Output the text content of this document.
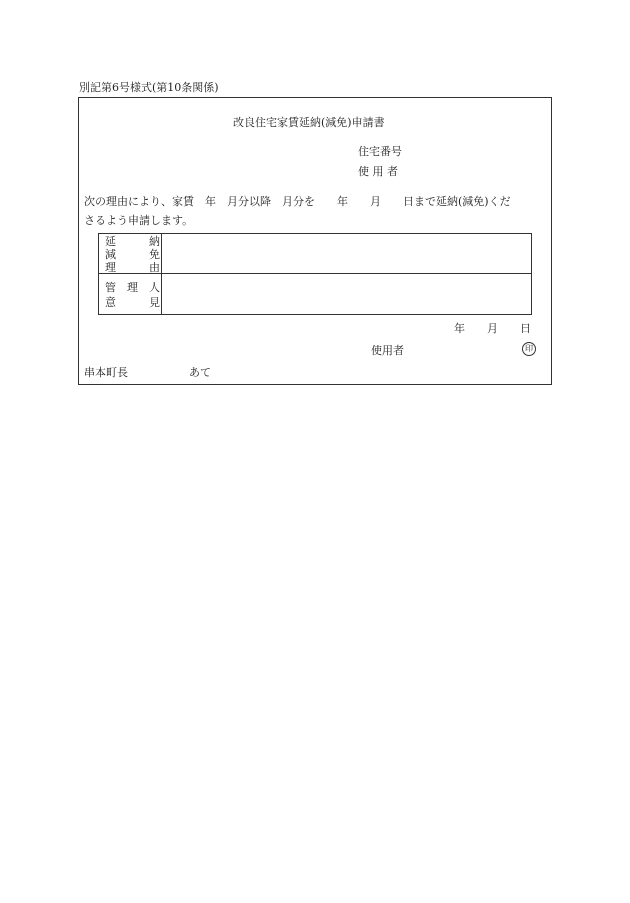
別記第6号様式(第10条関係)
改良住宅家賃延納(減免)申請書
住宅番号
使 用 者
次の理由により、家賃　年　月分以降　月分を　　年　　月　　日まで延納(減免)くだ
さるよう申請します。
延　　　納
減　　　免
理　　　由
管　理　人
意　　　見
年　　月　　日
使用者	印
串本町長	あて
